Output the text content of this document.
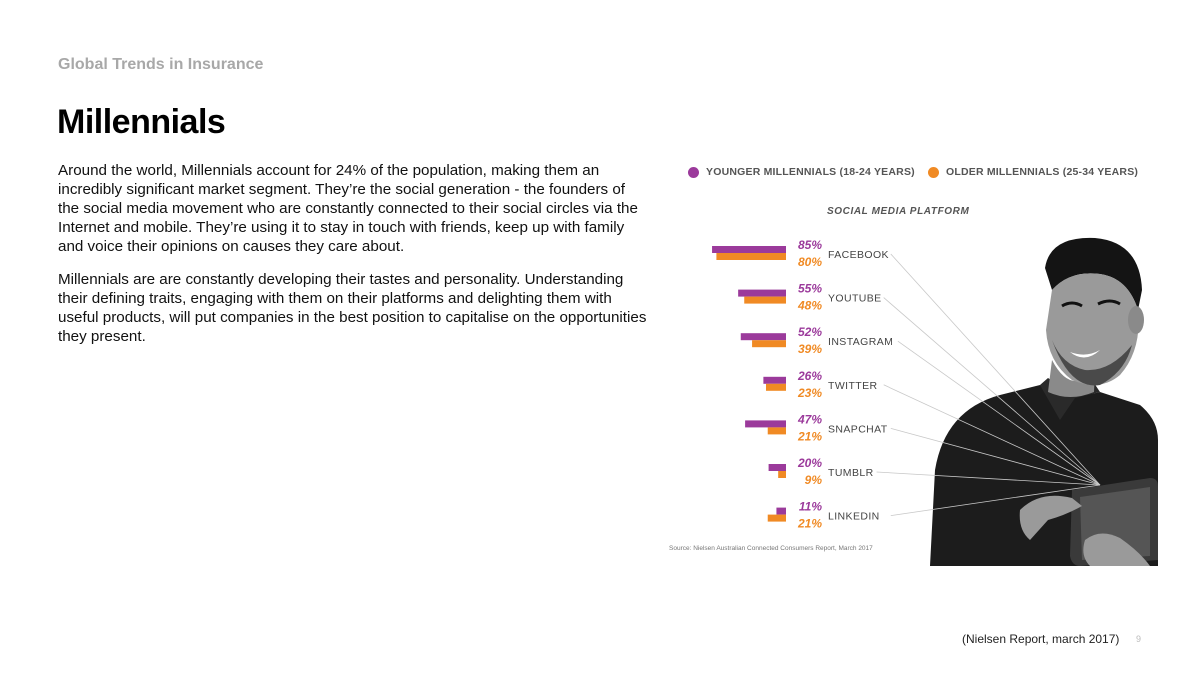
Global Trends in Insurance
Millennials

Around the world, Millennials account for 24% of the population, making them an incredibly significant market segment. They’re the social generation - the founders of the social media movement who are constantly connected to their social circles via the Internet and mobile. They’re using it to stay in touch with friends, keep up with family and voice their opinions on causes they care about.

Millennials are are constantly developing their tastes and personality. Understanding their defining traits, engaging with them on their platforms and delighting them with useful products, will put companies in the best position to capitalise on the opportunities they present.

YOUNGER MILLENNIALS (18-24 YEARS)
	OLDER MILLENNIALS (25-34 YEARS)
SOCIAL MEDIA PLATFORM
85%
80% FACEBOOK
55%
48% YOUTUBE
52%
39% INSTAGRAM
26%
23% TWITTER
47%
21% SNAPCHAT
20%
9% TUMBLR
11%
21% LINKEDIN
Source: Nielsen Australian Connected Consumers Report, March 2017
(Nielsen Report, march 2017) 9
